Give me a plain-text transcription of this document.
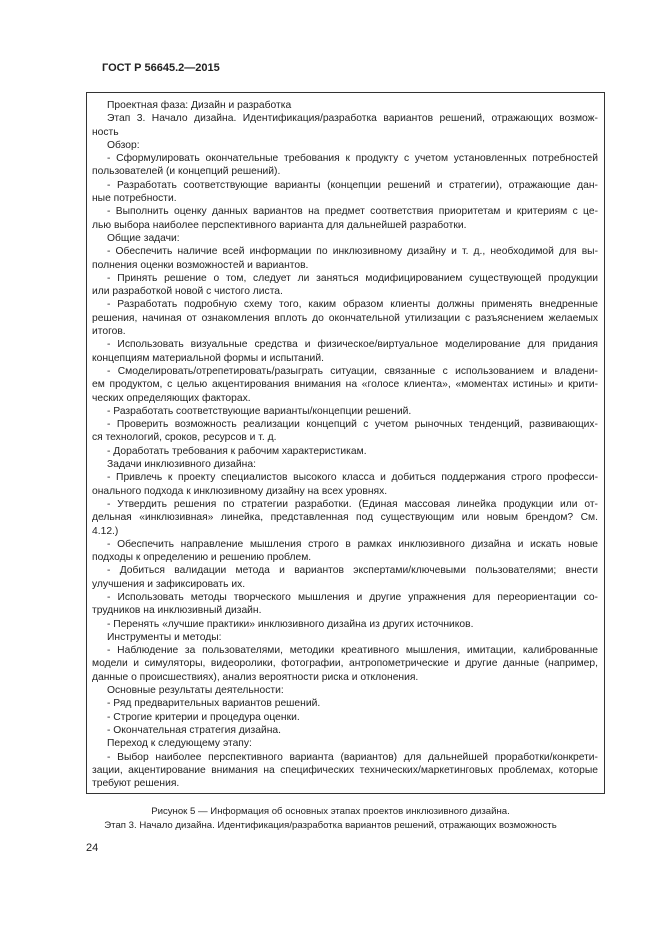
ГОСТ Р 56645.2—2015
Проектная фаза: Дизайн и разработка
Этап 3. Начало дизайна. Идентификация/разработка вариантов решений, отражающих возмож-
ность
Обзор:
- Сформулировать окончательные требования к продукту с учетом установленных потребностей
пользователей (и концепций решений).
- Разработать соответствующие варианты (концепции решений и стратегии), отражающие дан-
ные потребности.
- Выполнить оценку данных вариантов на предмет соответствия приоритетам и критериям с це-
лью выбора наиболее перспективного варианта для дальнейшей разработки.
Общие задачи:
- Обеспечить наличие всей информации по инклюзивному дизайну и т. д., необходимой для вы-
полнения оценки возможностей и вариантов.
- Принять решение о том, следует ли заняться модифицированием существующей продукции
или разработкой новой с чистого листа.
- Разработать подробную схему того, каким образом клиенты должны применять внедренные
решения, начиная от ознакомления вплоть до окончательной утилизации с разъяснением желаемых
итогов.
- Использовать визуальные средства и физическое/виртуальное моделирование для придания
концепциям материальной формы и испытаний.
- Смоделировать/отрепетировать/разыграть ситуации, связанные с использованием и владени-
ем продуктом, с целью акцентирования внимания на «голосе клиента», «моментах истины» и крити-
ческих определяющих факторах.
- Разработать соответствующие варианты/концепции решений.
- Проверить возможность реализации концепций с учетом рыночных тенденций, развивающих-
ся технологий, сроков, ресурсов и т. д.
- Доработать требования к рабочим характеристикам.
Задачи инклюзивного дизайна:
- Привлечь к проекту специалистов высокого класса и добиться поддержания строго професси-
онального подхода к инклюзивному дизайну на всех уровнях.
- Утвердить решения по стратегии разработки. (Единая массовая линейка продукции или от-
дельная «инклюзивная» линейка, представленная под существующим или новым брендом? См.
4.12.)
- Обеспечить направление мышления строго в рамках инклюзивного дизайна и искать новые
подходы к определению и решению проблем.
- Добиться валидации метода и вариантов экспертами/ключевыми пользователями; внести
улучшения и зафиксировать их.
- Использовать методы творческого мышления и другие упражнения для переориентации со-
трудников на инклюзивный дизайн.
- Перенять «лучшие практики» инклюзивного дизайна из других источников.
Инструменты и методы:
- Наблюдение за пользователями, методики креативного мышления, имитации, калиброванные
модели и симуляторы, видеоролики, фотографии, антропометрические и другие данные (например,
данные о происшествиях), анализ вероятности риска и отклонения.
Основные результаты деятельности:
- Ряд предварительных вариантов решений.
- Строгие критерии и процедура оценки.
- Окончательная стратегия дизайна.
Переход к следующему этапу:
- Выбор наиболее перспективного варианта (вариантов) для дальнейшей проработки/конкрети-
зации, акцентирование внимания на специфических технических/маркетинговых проблемах, которые
требуют решения.
Рисунок 5 — Информация об основных этапах проектов инклюзивного дизайна.
Этап 3. Начало дизайна. Идентификация/разработка вариантов решений, отражающих возможность
24
